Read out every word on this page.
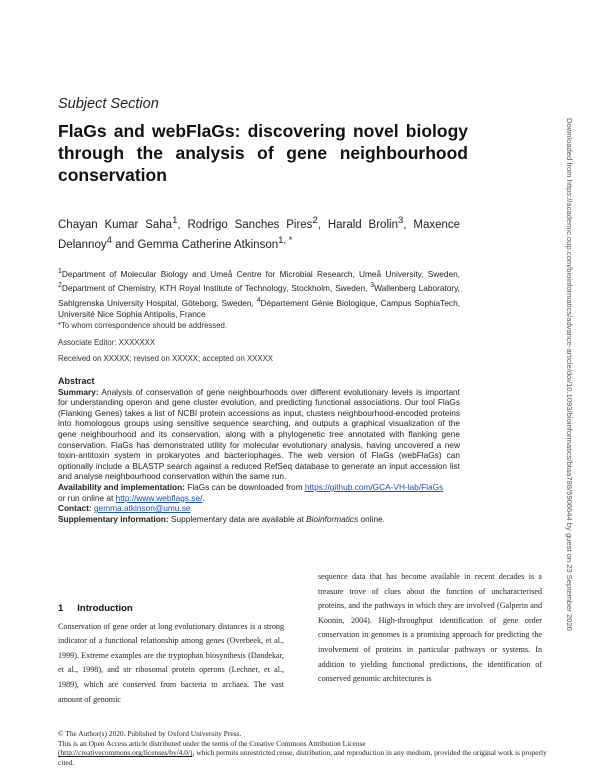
Subject Section
FlaGs and webFlaGs: discovering novel biology through the analysis of gene neighbourhood conservation
Chayan Kumar Saha$^1$, Rodrigo Sanches Pires$^2$, Harald Brolin$^3$, Maxence Delannoy$^4$ and Gemma Catherine Atkinson$^{1, *}$
$^1$Department of Molecular Biology and Umeå Centre for Microbial Research, Umeå University, Sweden, $^2$Department of Chemistry, KTH Royal Institute of Technology, Stockholm, Sweden, $^3$Wallenberg Laboratory, Sahlgrenska University Hospital, Göteborg, Sweden, $^4$Département Génie Biologique, Campus SophiaTech, Université Nice Sophia Antipolis, France
*To whom correspondence should be addressed.
Associate Editor: XXXXXXX
Received on XXXXX; revised on XXXXX; accepted on XXXXX
Abstract

Summary: Analysis of conservation of gene neighbourhoods over different evolutionary levels is important for understanding operon and gene cluster evolution, and predicting functional associations. Our tool FlaGs (Flanking Genes) takes a list of NCBI protein accessions as input, clusters neighbourhood-encoded proteins into homologous groups using sensitive sequence searching, and outputs a graphical visualization of the gene neighbourhood and its conservation, along with a phylogenetic tree annotated with flanking gene conservation. FlaGs has demonstrated utility for molecular evolutionary analysis, having uncovered a new toxin-antitoxin system in prokaryotes and bacteriophages. The web version of FlaGs (webFlaGs) can optionally include a BLASTP search against a reduced RefSeq database to generate an input accession list and analyse neighbourhood conservation within the same run.

Availability and implementation: FlaGs can be downloaded from https://github.com/GCA-VH-lab/FlaGs
or run online at http://www.webflags.se/.

Contact: gemma.atkinson@umu.se

Supplementary information: Supplementary data are available at Bioinformatics online.	Downloaded from https://academic.oup.com/bioinformatics/advance-article/doi/10.1093/bioinformatics/btaa788/5906644 by guest on 23 September 2020
1 Introduction
Conservation of gene order at long evolutionary distances is a strong indicator of a functional relationship among genes (Overbeek, et al., 1999). Extreme examples are the tryptophan biosynthesis (Dandekar, et al., 1998), and str ribosomal protein operons (Lechner, et al., 1989), which are conserved from bacteria to archaea. The vast amount of genomic
sequence data that has become available in recent decades is a treasure trove of clues about the function of uncharacterised proteins, and the pathways in which they are involved (Galperin and Koonin, 2004). High-throughput identification of gene order conservation in genomes is a promising approach for predicting the involvement of proteins in particular pathways or systems. In addition to yielding functional predictions, the identification of conserved genomic architectures is
© The Author(s) 2020. Published by Oxford University Press.
This is an Open Access article distributed under the terms of the Creative Commons Attribution License
(http://creativecommons.org/licenses/by/4.0/), which permits unrestricted reuse, distribution, and reproduction in any medium, provided the original work is properly cited.
